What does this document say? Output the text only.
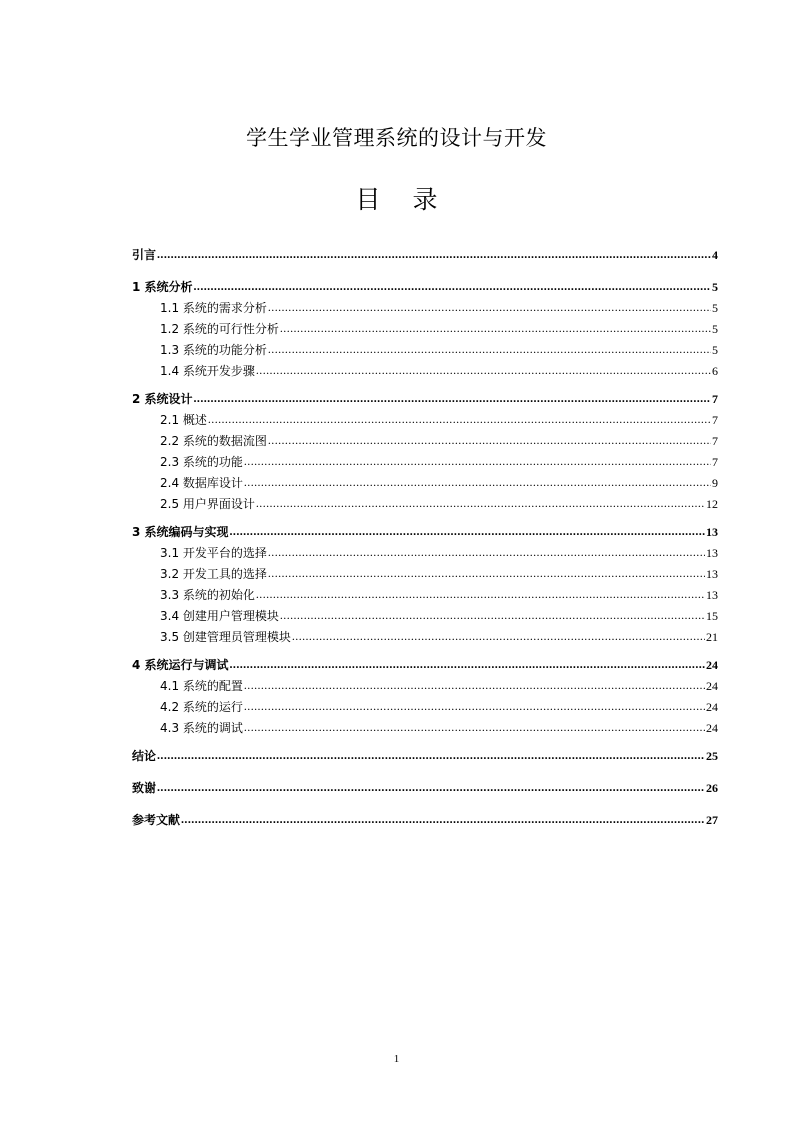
学生学业管理系统的设计与开发
目 录
引言 .....	4
1 系统分析 .....	5
1.1 系统的需求分析 .....	5
1.2 系统的可行性分析 .....	5
1.3 系统的功能分析 .....	5
1.4 系统开发步骤 .....	6
2 系统设计 .....	7
2.1 概述 .....	7
2.2 系统的数据流图 .....	7
2.3 系统的功能 .....	7
2.4 数据库设计 .....	9
2.5 用户界面设计 .....	12
3 系统编码与实现 .....	13
3.1 开发平台的选择 .....	13
3.2 开发工具的选择 .....	13
3.3 系统的初始化 .....	13
3.4 创建用户管理模块 .....	15
3.5 创建管理员管理模块 .....	21
4 系统运行与调试 .....	24
4.1 系统的配置 .....	24
4.2 系统的运行 .....	24
4.3 系统的调试 .....	24
结论 .....	25
致谢 .....	26
参考文献 .....	27
1
